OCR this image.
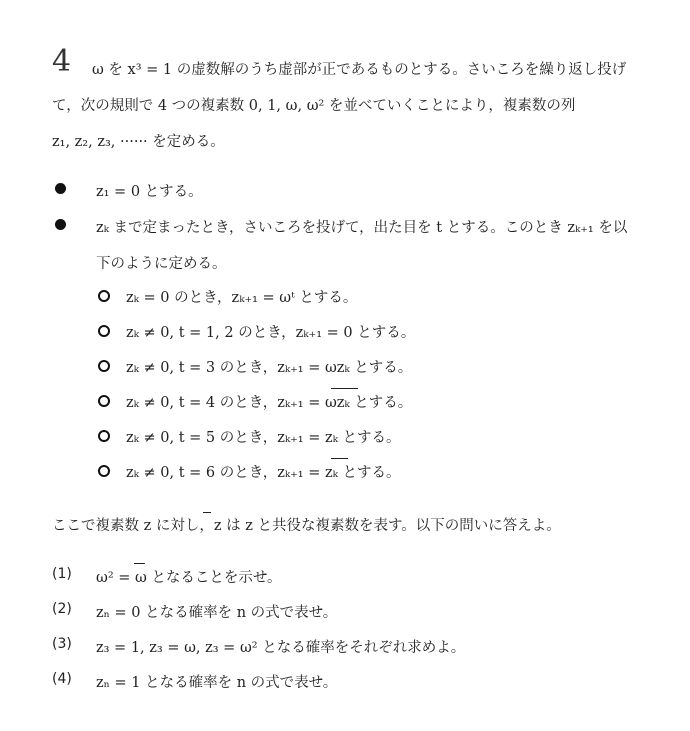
4 ω を x³ = 1 の虚数解のうち虚部が正であるものとする。さいころを繰り返し投げ
て，次の規則で 4 つの複素数 0, 1, ω, ω² を並べていくことにより，複素数の列
z₁, z₂, z₃, ······ を定める。
z₁ = 0 とする。
zₖ まで定まったとき，さいころを投げて，出た目を t とする。このとき zₖ₊₁ を以
下のように定める。
zₖ = 0 のとき，zₖ₊₁ = ωᵗ とする。
zₖ ≠ 0, t = 1, 2 のとき，zₖ₊₁ = 0 とする。
zₖ ≠ 0, t = 3 のとき，zₖ₊₁ = ωzₖ とする。
zₖ ≠ 0, t = 4 のとき，zₖ₊₁ = ωzₖ とする。
zₖ ≠ 0, t = 5 のとき，zₖ₊₁ = zₖ とする。
zₖ ≠ 0, t = 6 のとき，zₖ₊₁ = zₖ とする。
ここで複素数 z に対し，z は z と共役な複素数を表す。以下の問いに答えよ。
(1) ω² = ω となることを示せ。
(2) zₙ = 0 となる確率を n の式で表せ。
(3) z₃ = 1, z₃ = ω, z₃ = ω² となる確率をそれぞれ求めよ。
(4) zₙ = 1 となる確率を n の式で表せ。
